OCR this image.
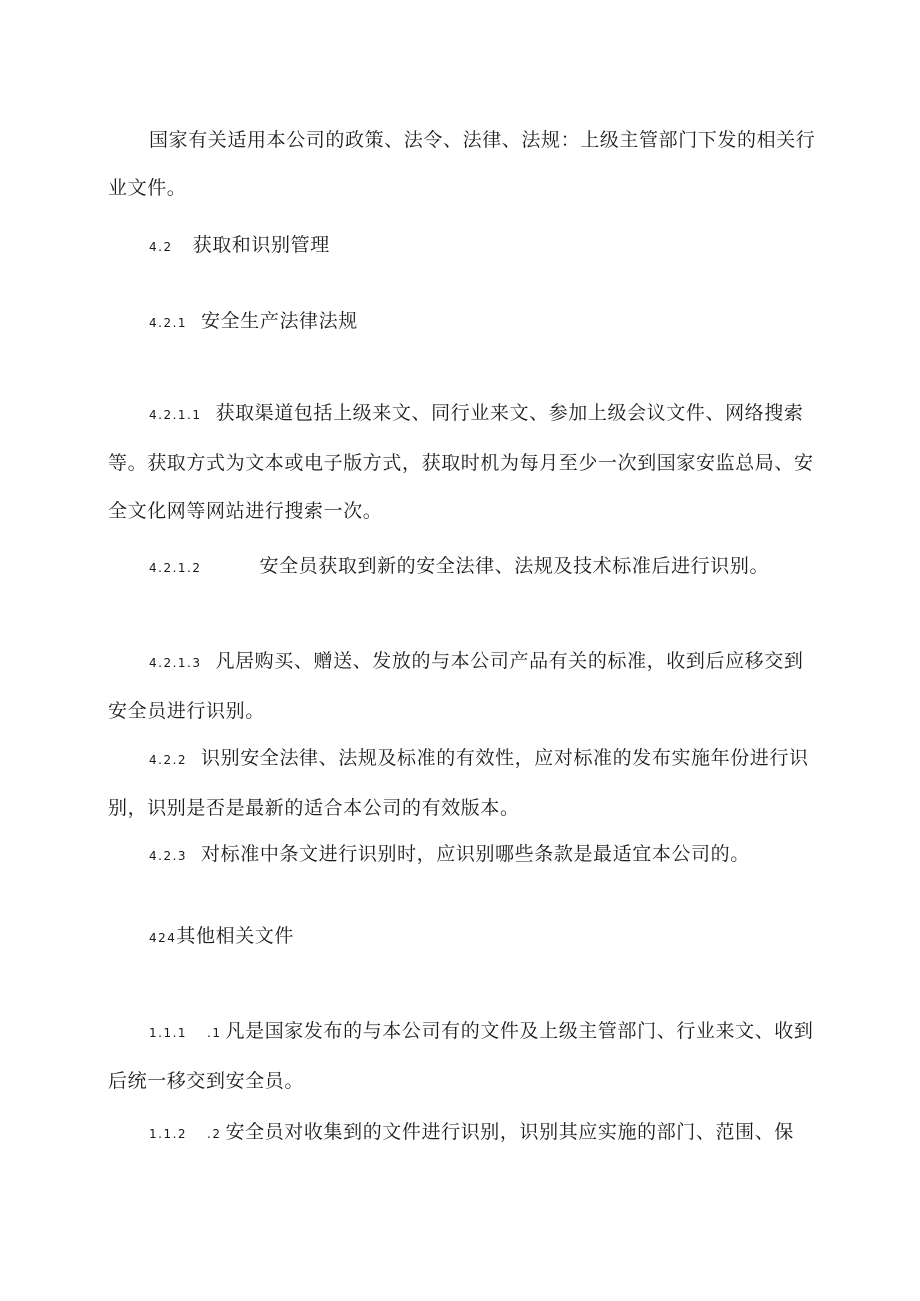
国家有关适用本公司的政策、法令、法律、法规：上级主管部门下发的相关行业文件。

4.2 获取和识别管理

4.2.1 安全生产法律法规

4.2.1.1 获取渠道包括上级来文、同行业来文、参加上级会议文件、网络搜索等。获取方式为文本或电子版方式，获取时机为每月至少一次到国家安监总局、安全文化网等网站进行搜索一次。

4.2.1.2	安全员获取到新的安全法律、法规及技术标准后进行识别。

4.2.1.3 凡居购买、赠送、发放的与本公司产品有关的标准，收到后应移交到安全员进行识别。

4.2.2 识别安全法律、法规及标准的有效性，应对标准的发布实施年份进行识别，识别是否是最新的适合本公司的有效版本。

4.2.3 对标准中条文进行识别时，应识别哪些条款是最适宜本公司的。

424其他相关文件

1.1.1 .1 凡是国家发布的与本公司有的文件及上级主管部门、行业来文、收到后统一移交到安全员。

1.1.2 .2 安全员对收集到的文件进行识别，识别其应实施的部门、范围、保
